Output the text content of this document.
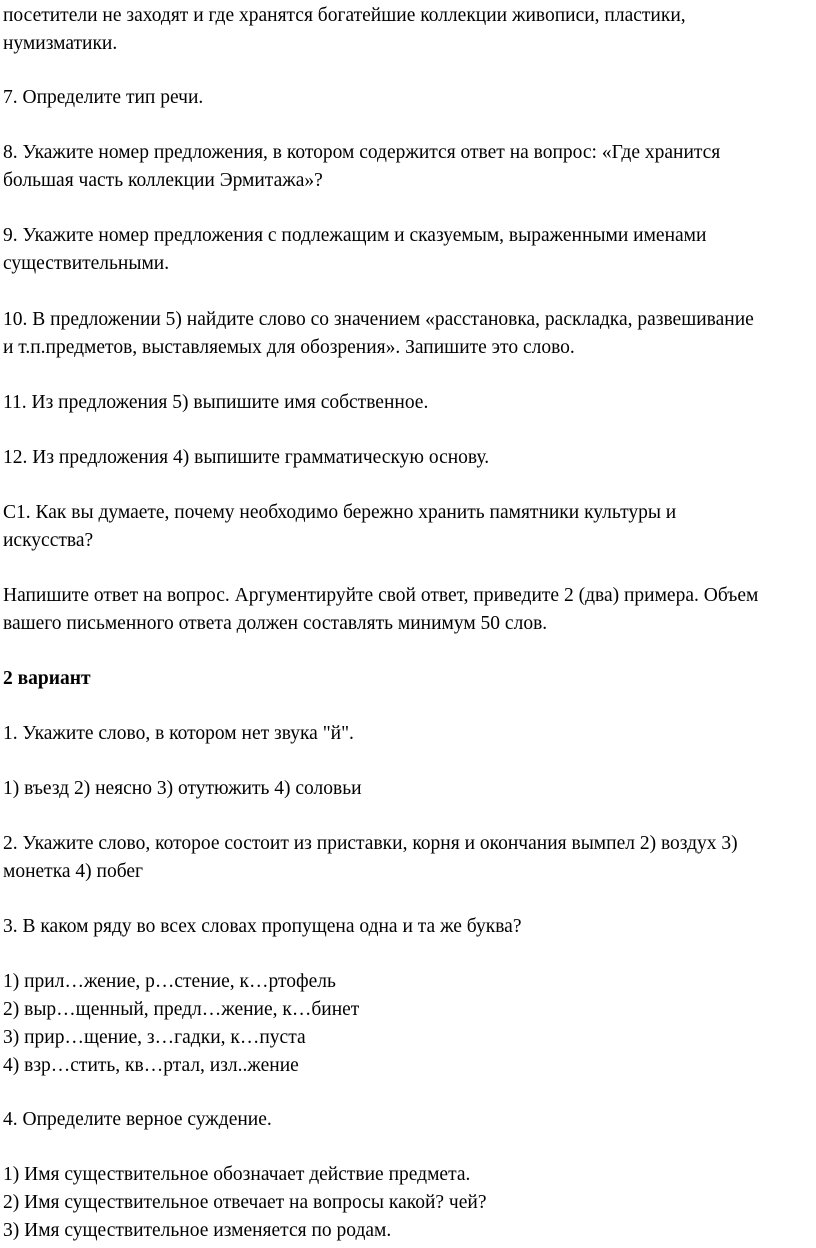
посетители не заходят и где хранятся богатейшие коллекции живописи, пластики,
нумизматики.

7. Определите тип речи.

8. Укажите номер предложения, в котором содержится ответ на вопрос: «Где хранится
большая часть коллекции Эрмитажа»?

9. Укажите номер предложения с подлежащим и сказуемым, выраженными именами
существительными.

10. В предложении 5) найдите слово со значением «расстановка, раскладка, развешивание
и т.п.предметов, выставляемых для обозрения». Запишите это слово.

11. Из предложения 5) выпишите имя собственное.

12. Из предложения 4) выпишите грамматическую основу.

С1. Как вы думаете, почему необходимо бережно хранить памятники культуры и
искусства?

Напишите ответ на вопрос. Аргументируйте свой ответ, приведите 2 (два) примера. Объем
вашего письменного ответа должен составлять минимум 50 слов.

2 вариант

1. Укажите слово, в котором нет звука "й".

1) въезд 2) неясно 3) отутюжить 4) соловьи

2. Укажите слово, которое состоит из приставки, корня и окончания вымпел 2) воздух 3)
монетка 4) побег

3. В каком ряду во всех словах пропущена одна и та же буква?

1) прил…жение, р…стение, к…ртофель
2) выр…щенный, предл…жение, к…бинет
3) прир…щение, з…гадки, к…пуста
4) взр…стить, кв…ртал, изл..жение

4. Определите верное суждение.

1) Имя существительное обозначает действие предмета.
2) Имя существительное отвечает на вопросы какой? чей?
3) Имя существительное изменяется по родам.
